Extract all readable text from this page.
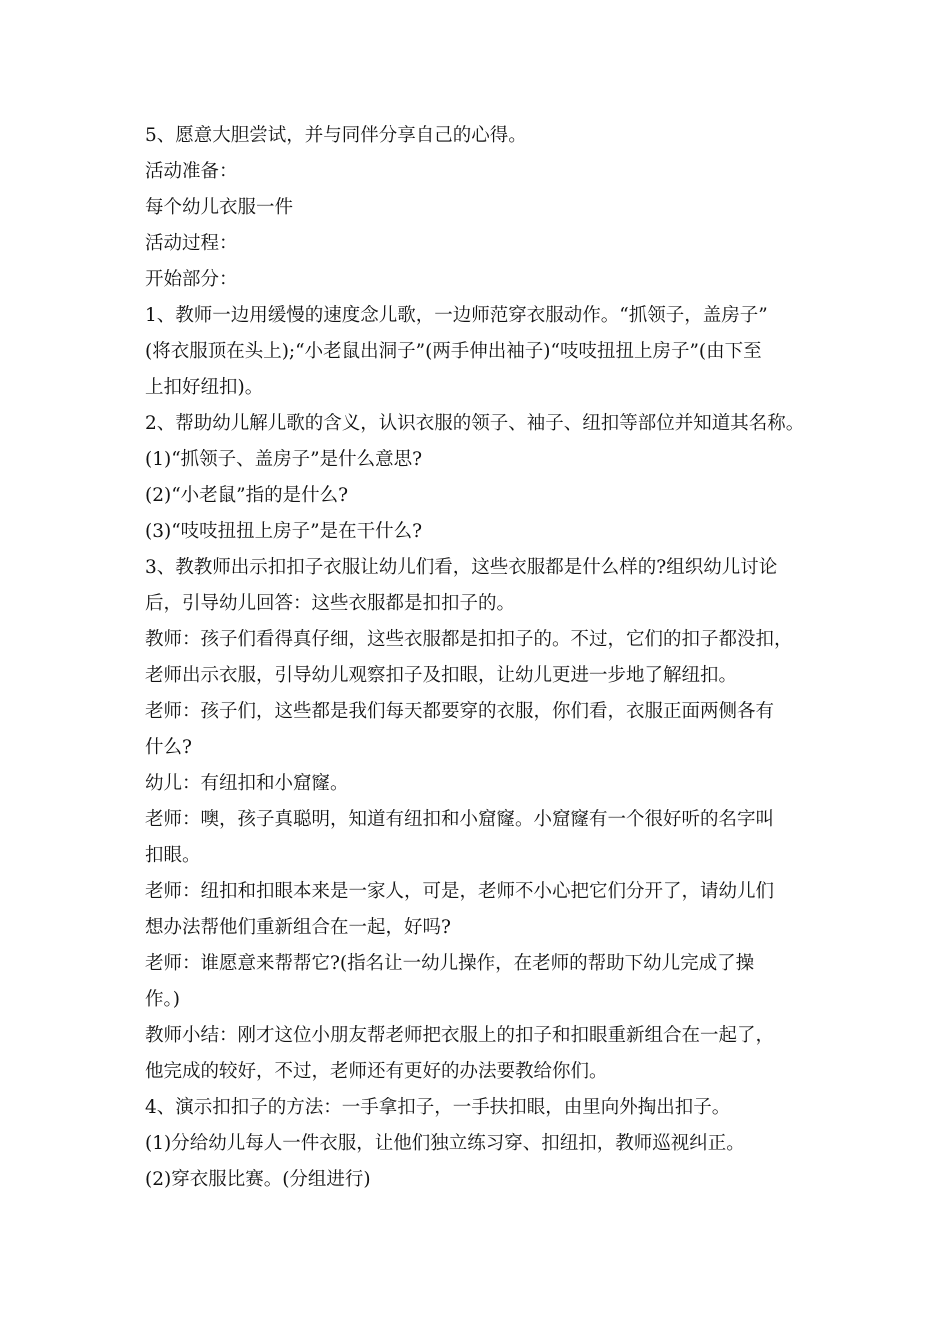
5、愿意大胆尝试，并与同伴分享自己的心得。

活动准备：

每个幼儿衣服一件

活动过程：

开始部分：

1、教师一边用缓慢的速度念儿歌，一边师范穿衣服动作。“抓领子，盖房子”

(将衣服顶在头上);“小老鼠出洞子”(两手伸出袖子)“吱吱扭扭上房子”(由下至

上扣好纽扣)。

2、帮助幼儿解儿歌的含义，认识衣服的领子、袖子、纽扣等部位并知道其名称。

(1)“抓领子、盖房子”是什么意思?

(2)“小老鼠”指的是什么?

(3)“吱吱扭扭上房子”是在干什么?

3、教教师出示扣扣子衣服让幼儿们看，这些衣服都是什么样的?组织幼儿讨论

后，引导幼儿回答：这些衣服都是扣扣子的。

教师：孩子们看得真仔细，这些衣服都是扣扣子的。不过，它们的扣子都没扣，

老师出示衣服，引导幼儿观察扣子及扣眼，让幼儿更进一步地了解纽扣。

老师：孩子们，这些都是我们每天都要穿的衣服，你们看，衣服正面两侧各有

什么?

幼儿：有纽扣和小窟窿。

老师：噢，孩子真聪明，知道有纽扣和小窟窿。小窟窿有一个很好听的名字叫

扣眼。

老师：纽扣和扣眼本来是一家人，可是，老师不小心把它们分开了，请幼儿们

想办法帮他们重新组合在一起，好吗?

老师：谁愿意来帮帮它?(指名让一幼儿操作，在老师的帮助下幼儿完成了操

作。)

教师小结：刚才这位小朋友帮老师把衣服上的扣子和扣眼重新组合在一起了，

他完成的较好，不过，老师还有更好的办法要教给你们。

4、演示扣扣子的方法：一手拿扣子，一手扶扣眼，由里向外掏出扣子。

(1)分给幼儿每人一件衣服，让他们独立练习穿、扣纽扣，教师巡视纠正。

(2)穿衣服比赛。(分组进行)
